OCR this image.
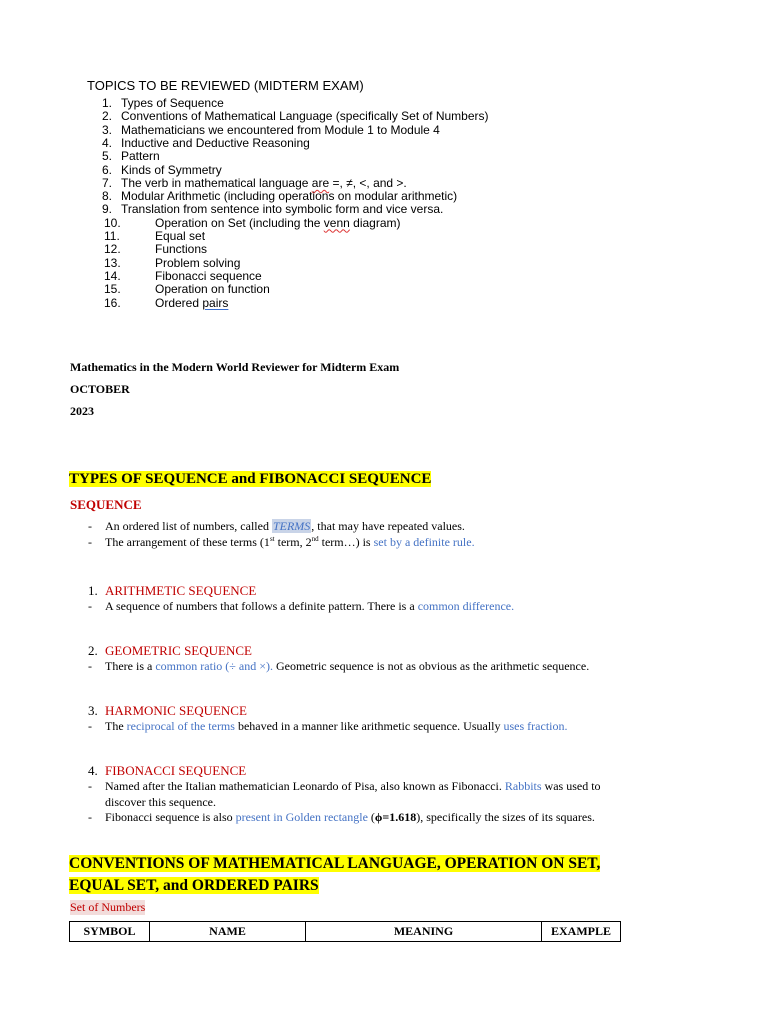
TOPICS TO BE REVIEWED (MIDTERM EXAM)
1. Types of Sequence
2. Conventions of Mathematical Language (specifically Set of Numbers)
3. Mathematicians we encountered from Module 1 to Module 4
4. Inductive and Deductive Reasoning
5. Pattern
6. Kinds of Symmetry
7. The verb in mathematical language are =, ≠, <, and >.
8. Modular Arithmetic (including operations on modular arithmetic)
9. Translation from sentence into symbolic form and vice versa.
10.	Operation on Set (including the venn diagram)
11.	Equal set
12.	Functions
13.	Problem solving
14.	Fibonacci sequence
15.	Operation on function
16.	Ordered pairs
Mathematics in the Modern World Reviewer for Midterm Exam
OCTOBER
2023
TYPES OF SEQUENCE and FIBONACCI SEQUENCE
SEQUENCE
- An ordered list of numbers, called TERMS, that may have repeated values.
- The arrangement of these terms (1st term, 2nd term…) is set by a definite rule.
1. ARITHMETIC SEQUENCE
- A sequence of numbers that follows a definite pattern. There is a common difference.
2. GEOMETRIC SEQUENCE
- There is a common ratio (÷ and ×). Geometric sequence is not as obvious as the arithmetic sequence.
3. HARMONIC SEQUENCE
- The reciprocal of the terms behaved in a manner like arithmetic sequence. Usually uses fraction.
4. FIBONACCI SEQUENCE
- Named after the Italian mathematician Leonardo of Pisa, also known as Fibonacci. Rabbits was used to
discover this sequence.
- Fibonacci sequence is also present in Golden rectangle (ϕ=1.618), specifically the sizes of its squares.
CONVENTIONS OF MATHEMATICAL LANGUAGE, OPERATION ON SET,
EQUAL SET, and ORDERED PAIRS
Set of Numbers
SYMBOL	NAME	MEANING	EXAMPLE
